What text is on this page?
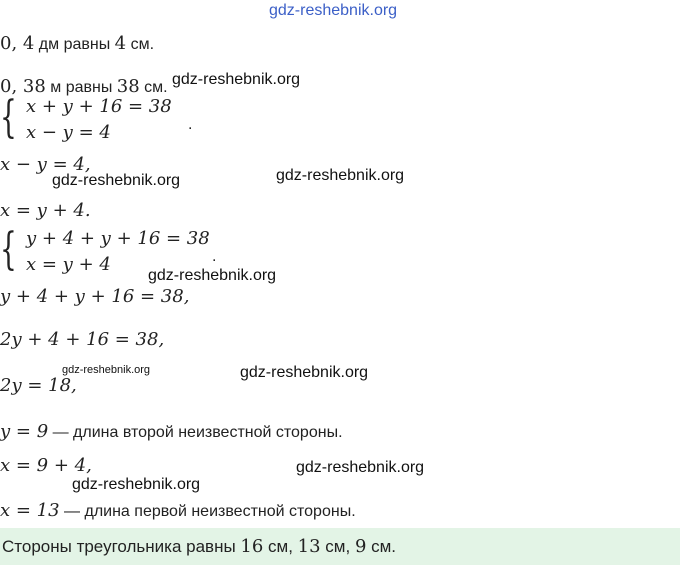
gdz-reshebnik.org
0, 4 дм равны 4 см.
0, 38 м равны 38 см. gdz-reshebnik.org
{ x + y + 16 = 38
x − y = 4	.
x − y = 4,
gdz-reshebnik.org	gdz-reshebnik.org
x = y + 4.
{ y + 4 + y + 16 = 38
x = y + 4	.
gdz-reshebnik.org
y + 4 + y + 16 = 38,
2y + 4 + 16 = 38,
2y = 18,
gdz-reshebnik.org	gdz-reshebnik.org
y = 9 — длина второй неизвестной стороны.
x = 9 + 4,	gdz-reshebnik.org
gdz-reshebnik.org
x = 13 — длина первой неизвестной стороны.
Стороны треугольника равны 16 см, 13 см, 9 см.
